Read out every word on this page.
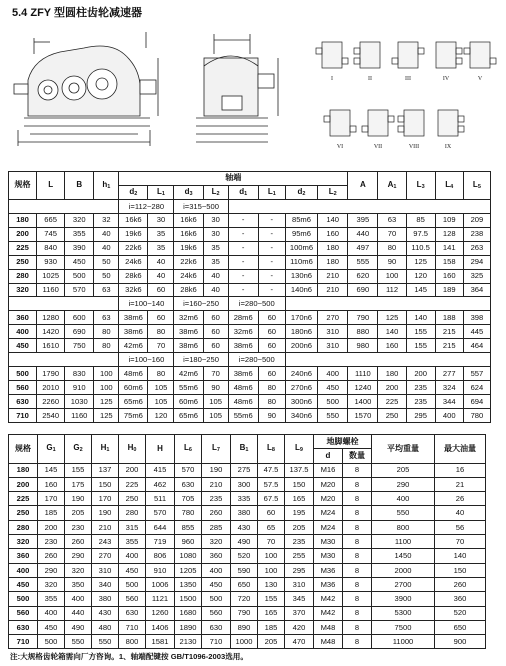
5.4 ZFY 型圆柱齿轮减速器
I	II	III	IV	V
VI	VII	VIII	IX
规格	L	B	$h_1$	轴端								A	$A_1$	$L_3$	$L_4$	$L_5$
				$d_2$	$L_1$	$d_3$	$L_2$	$d_1$	$L_1$	$d_2$	$L_2$
				i=112~280		i=315~500										
180	665	320	32	16k6	30	16k6	30	-	-	85m6	140	395	63	85	109	209
200	745	355	40	19k6	35	16k6	30	-	-	95m6	160	440	70	97.5	128	238
225	840	390	40	22k6	35	19k6	35	-	-	100m6	180	497	80	110.5	141	263
250	930	450	50	24k6	40	22k6	35	-	-	110m6	180	555	90	125	158	294
280	1025	500	50	28k6	40	24k6	40	-	-	130n6	210	620	100	120	160	325
320	1160	570	63	32k6	60	28k6	40	-	-	140n6	210	690	112	145	189	364
				i=100~140		i=160~250		i=280~500								
360	1280	600	63	38m6	60	32m6	60	28m6	60	170n6	270	790	125	140	188	398
400	1420	690	80	38m6	80	38m6	60	32m6	60	180n6	310	880	140	155	215	445
450	1610	750	80	42m6	70	38m6	60	38m6	60	200n6	310	980	160	155	215	464
				i=100~160		i=180~250		i=280~500								
500	1790	830	100	48m6	80	42m6	70	38m6	60	240n6	400	1110	180	200	277	557
560	2010	910	100	60m6	105	55m6	90	48m6	80	270n6	450	1240	200	235	324	624
630	2260	1030	125	65m6	105	60m6	105	48m6	80	300n6	500	1400	225	235	344	694
710	2540	1160	125	75m6	120	65m6	105	55m6	90	340n6	550	1570	250	295	400	780
规格	$G_1$	$G_2$	$H_1$	$H_0$	H	$L_6$	$L_7$	$B_1$	$L_8$	$L_9$	地脚螺栓		平均重量	最大油量
											d	数量		
180	145	155	137	200	415	570	190	275	47.5	137.5	M16	8	205	16
200	160	175	150	225	462	630	210	300	57.5	150	M20	8	290	21
225	170	190	170	250	511	705	235	335	67.5	165	M20	8	400	26
250	185	205	190	280	570	780	260	380	60	195	M24	8	550	40
280	200	230	210	315	644	855	285	430	65	205	M24	8	800	56
320	230	260	243	355	719	960	320	490	70	235	M30	8	1100	70
360	260	290	270	400	806	1080	360	520	100	255	M30	8	1450	140
400	290	320	310	450	910	1205	400	590	100	295	M36	8	2000	150
450	320	350	340	500	1006	1350	450	650	130	310	M36	8	2700	260
500	355	400	380	560	1121	1500	500	720	155	345	M42	8	3900	360
560	400	440	430	630	1260	1680	560	790	165	370	M42	8	5300	520
630	450	490	480	710	1406	1890	630	890	185	420	M48	8	7500	650
710	500	550	550	800	1581	2130	710	1000	205	470	M48	8	11000	900
注:大规格齿轮箱需向厂方咨询。1、轴端配键按 GB/T1096-2003选用。
